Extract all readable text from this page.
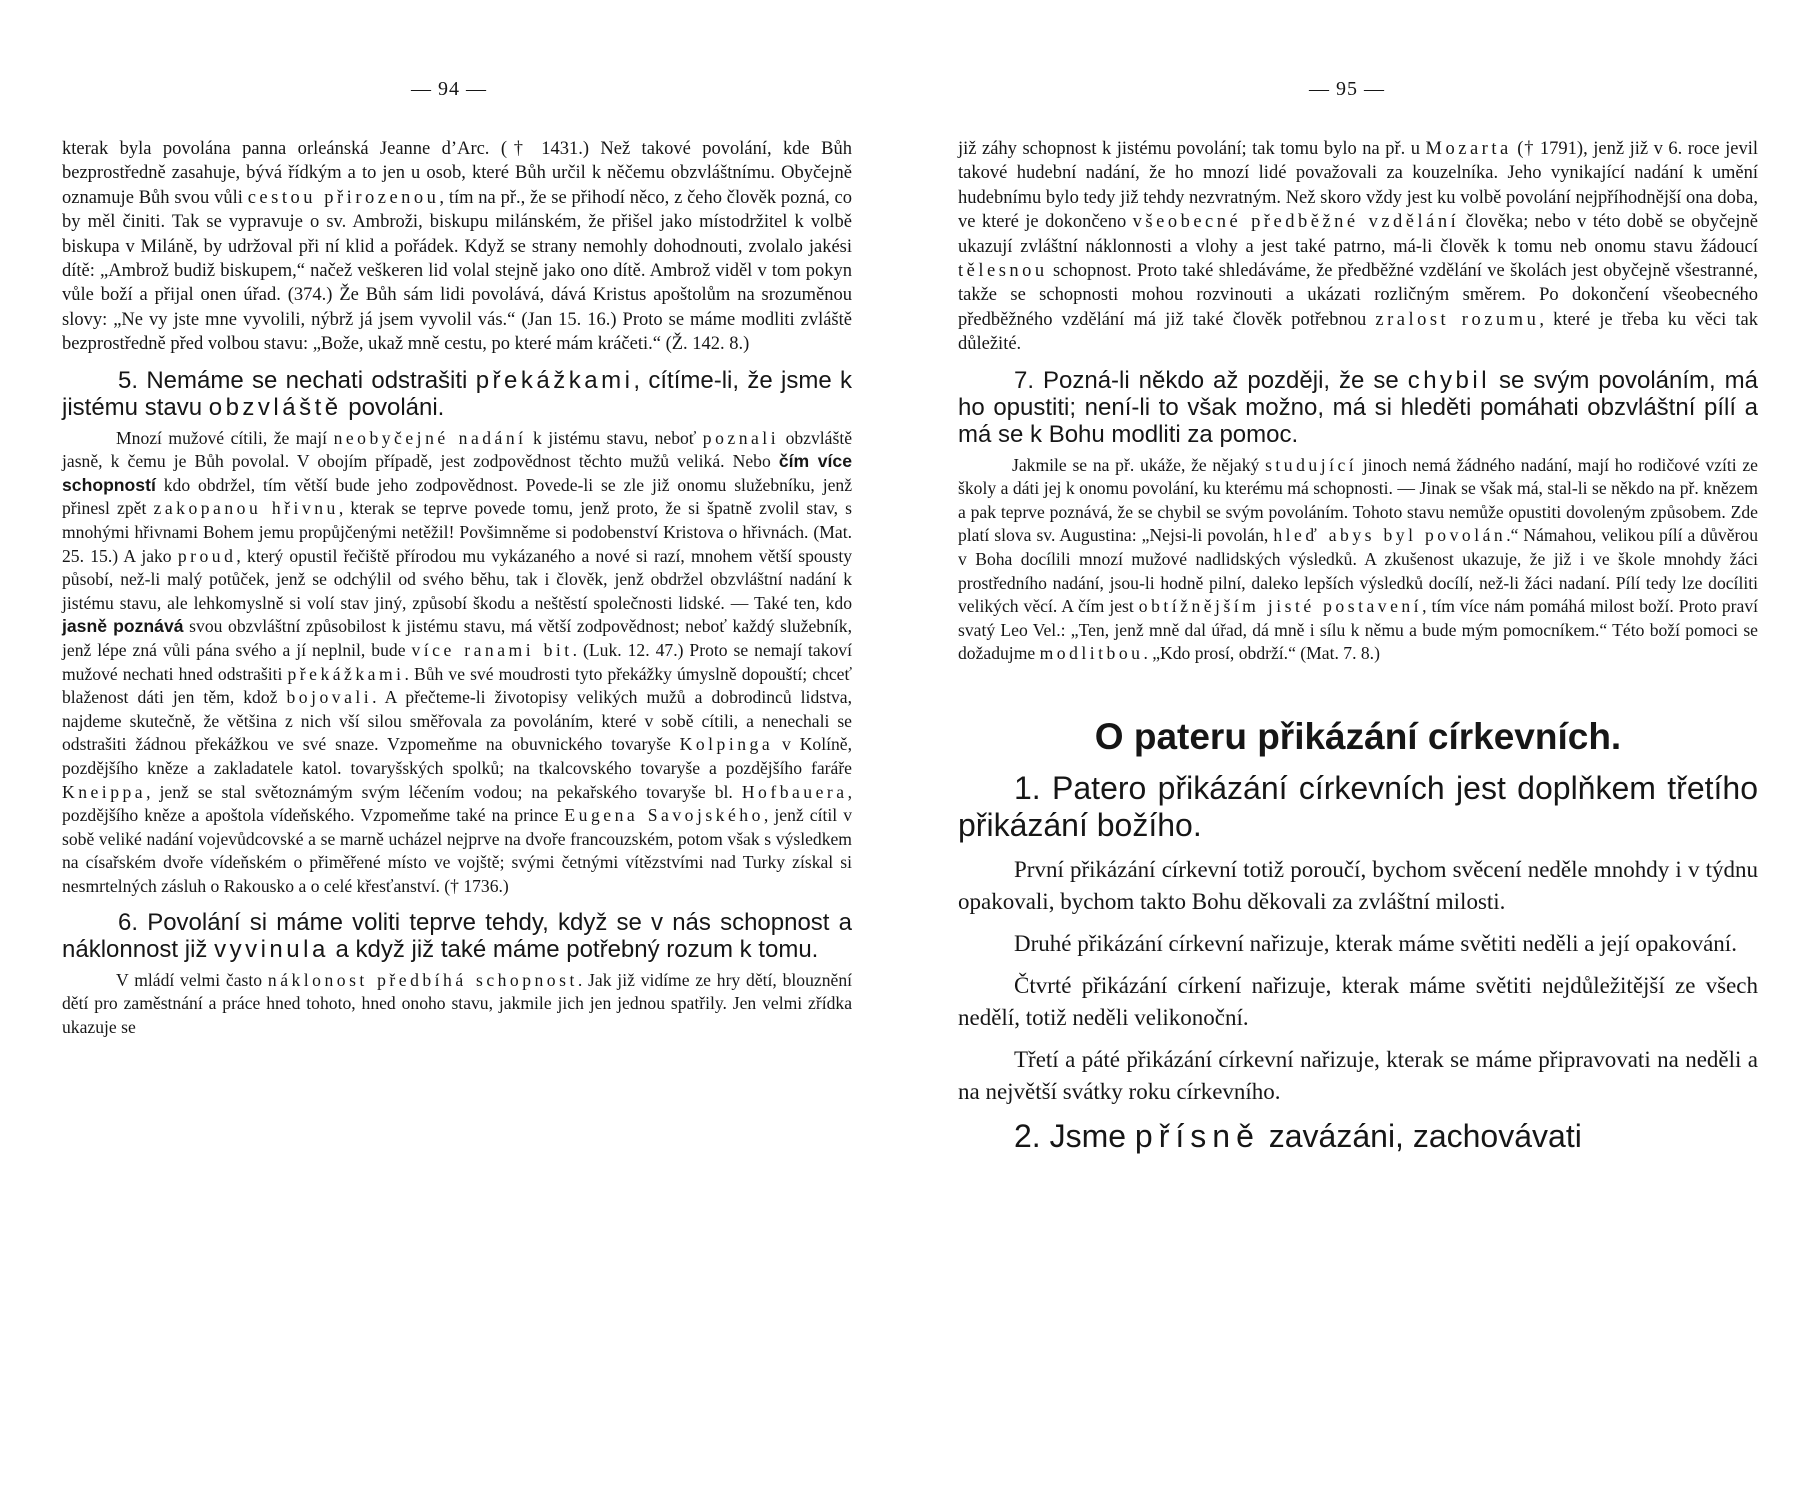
— 94 —

kterak byla povolána panna orleánská Jeanne d’Arc. († 1431.) Než takové povolání, kde Bůh bezprostředně zasahuje, bývá řídkým a to jen u osob, které Bůh určil k něčemu obzvláštnímu. Obyčejně oznamuje Bůh svou vůli cestou přirozenou, tím na př., že se přihodí něco, z čeho člověk pozná, co by měl činiti. Tak se vypravuje o sv. Ambroži, biskupu milánském, že přišel jako místodržitel k volbě biskupa v Miláně, by udržoval při ní klid a pořádek. Když se strany nemohly dohodnouti, zvolalo jakési dítě: „Ambrož budiž biskupem,“ načež veškeren lid volal stejně jako ono dítě. Ambrož viděl v tom pokyn vůle boží a přijal onen úřad. (374.) Že Bůh sám lidi povolává, dává Kristus apoštolům na srozuměnou slovy: „Ne vy jste mne vyvolili, nýbrž já jsem vyvolil vás.“ (Jan 15. 16.) Proto se máme modliti zvláště bezprostředně před volbou stavu: „Bože, ukaž mně cestu, po které mám kráčeti.“ (Ž. 142. 8.)

5. Nemáme se nechati odstrašiti překážkami, cítíme-li, že jsme k jistému stavu obzvláště povoláni.

Mnozí mužové cítili, že mají neobyčejné nadání k jistému stavu, neboť poznali obzvláště jasně, k čemu je Bůh povolal. V obojím případě, jest zodpovědnost těchto mužů veliká. Nebo čím více schopností kdo obdržel, tím větší bude jeho zodpovědnost. Povede-li se zle již onomu služebníku, jenž přinesl zpět zakopanou hřivnu, kterak se teprve povede tomu, jenž proto, že si špatně zvolil stav, s mnohými hřivnami Bohem jemu propůjčenými netěžil! Povšimněme si podobenství Kristova o hřivnách. (Mat. 25. 15.) A jako proud, který opustil řečiště přírodou mu vykázaného a nové si razí, mnohem větší spousty působí, než-li malý potůček, jenž se odchýlil od svého běhu, tak i člověk, jenž obdržel obzvláštní nadání k jistému stavu, ale lehkomyslně si volí stav jiný, způsobí škodu a neštěstí společnosti lidské. — Také ten, kdo jasně poznává svou obzvláštní způsobilost k jistému stavu, má větší zodpovědnost; neboť každý služebník, jenž lépe zná vůli pána svého a jí neplnil, bude více ranami bit. (Luk. 12. 47.) Proto se nemají takoví mužové nechati hned odstrašiti překážkami. Bůh ve své moudrosti tyto překážky úmyslně dopouští; chceť blaženost dáti jen těm, kdož bojovali. A přečteme-li životopisy velikých mužů a dobrodinců lidstva, najdeme skutečně, že většina z nich vší silou směřovala za povoláním, které v sobě cítili, a nenechali se odstrašiti žádnou překážkou ve své snaze. Vzpomeňme na obuvnického tovaryše Kolpinga v Kolíně, pozdějšího kněze a zakladatele katol. tovaryšských spolků; na tkalcovského tovaryše a pozdějšího faráře Kneippa, jenž se stal světoznámým svým léčením vodou; na pekařského tovaryše bl. Hofbauera, pozdějšího kněze a apoštola vídeňského. Vzpomeňme také na prince Eugena Savojského, jenž cítil v sobě veliké nadání vojevůdcovské a se marně ucházel nejprve na dvoře francouzském, potom však s výsledkem na císařském dvoře vídeňském o přiměřené místo ve vojště; svými četnými vítězstvími nad Turky získal si nesmrtelných zásluh o Rakousko a o celé křesťanství. († 1736.)

6. Povolání si máme voliti teprve tehdy, když se v nás schopnost a náklonnost již vyvinula a když již také máme potřebný rozum k tomu.

V mládí velmi často náklonost předbíhá schopnost. Jak již vidíme ze hry dětí, blouznění dětí pro zaměstnání a práce hned tohoto, hned onoho stavu, jakmile jich jen jednou spatřily. Jen velmi zřídka ukazuje se

— 95 —

již záhy schopnost k jistému povolání; tak tomu bylo na př. u Mozarta († 1791), jenž již v 6. roce jevil takové hudební nadání, že ho mnozí lidé považovali za kouzelníka. Jeho vynikající nadání k umění hudebnímu bylo tedy již tehdy nezvratným. Než skoro vždy jest ku volbě povolání nejpříhodnější ona doba, ve které je dokončeno všeobecné předběžné vzdělání člověka; nebo v této době se obyčejně ukazují zvláštní náklonnosti a vlohy a jest také patrno, má-li člověk k tomu neb onomu stavu žádoucí tělesnou schopnost. Proto také shledáváme, že předběžné vzdělání ve školách jest obyčejně všestranné, takže se schopnosti mohou rozvinouti a ukázati rozličným směrem. Po dokončení všeobecného předběžného vzdělání má již také člověk potřebnou zralost rozumu, které je třeba ku věci tak důležité.

7. Pozná-li někdo až později, že se chybil se svým povoláním, má ho opustiti; není-li to však možno, má si hleděti pomáhati obzvláštní pílí a má se k Bohu modliti za pomoc.

Jakmile se na př. ukáže, že nějaký studující jinoch nemá žádného nadání, mají ho rodičové vzíti ze školy a dáti jej k onomu povolání, ku kterému má schopnosti. — Jinak se však má, stal-li se někdo na př. knězem a pak teprve poznává, že se chybil se svým povoláním. Tohoto stavu nemůže opustiti dovoleným způsobem. Zde platí slova sv. Augustina: „Nejsi-li povolán, hleď abys byl povolán.“ Námahou, velikou pílí a důvěrou v Boha docílili mnozí mužové nadlidských výsledků. A zkušenost ukazuje, že již i ve škole mnohdy žáci prostředního nadání, jsou-li hodně pilní, daleko lepších výsledků docílí, než-li žáci nadaní. Pílí tedy lze docíliti velikých věcí. A čím jest obtížnějším jisté postavení, tím více nám pomáhá milost boží. Proto praví svatý Leo Vel.: „Ten, jenž mně dal úřad, dá mně i sílu k němu a bude mým pomocníkem.“ Této boží pomoci se dožadujme modlitbou. „Kdo prosí, obdrží.“ (Mat. 7. 8.)

O pateru přikázání církevních.

1. Patero přikázání církevních jest doplňkem třetího přikázání božího.

První přikázání církevní totiž poroučí, bychom svěcení neděle mnohdy i v týdnu opakovali, bychom takto Bohu děkovali za zvláštní milosti.

Druhé přikázání církevní nařizuje, kterak máme světiti neděli a její opakování.

Čtvrté přikázání církení nařizuje, kterak máme světiti nejdůležitější ze všech nedělí, totiž neděli velikonoční.

Třetí a páté přikázání církevní nařizuje, kterak se máme připravovati na neděli a na největší svátky roku církevního.

2. Jsme přísně zavázáni, zachovávati
